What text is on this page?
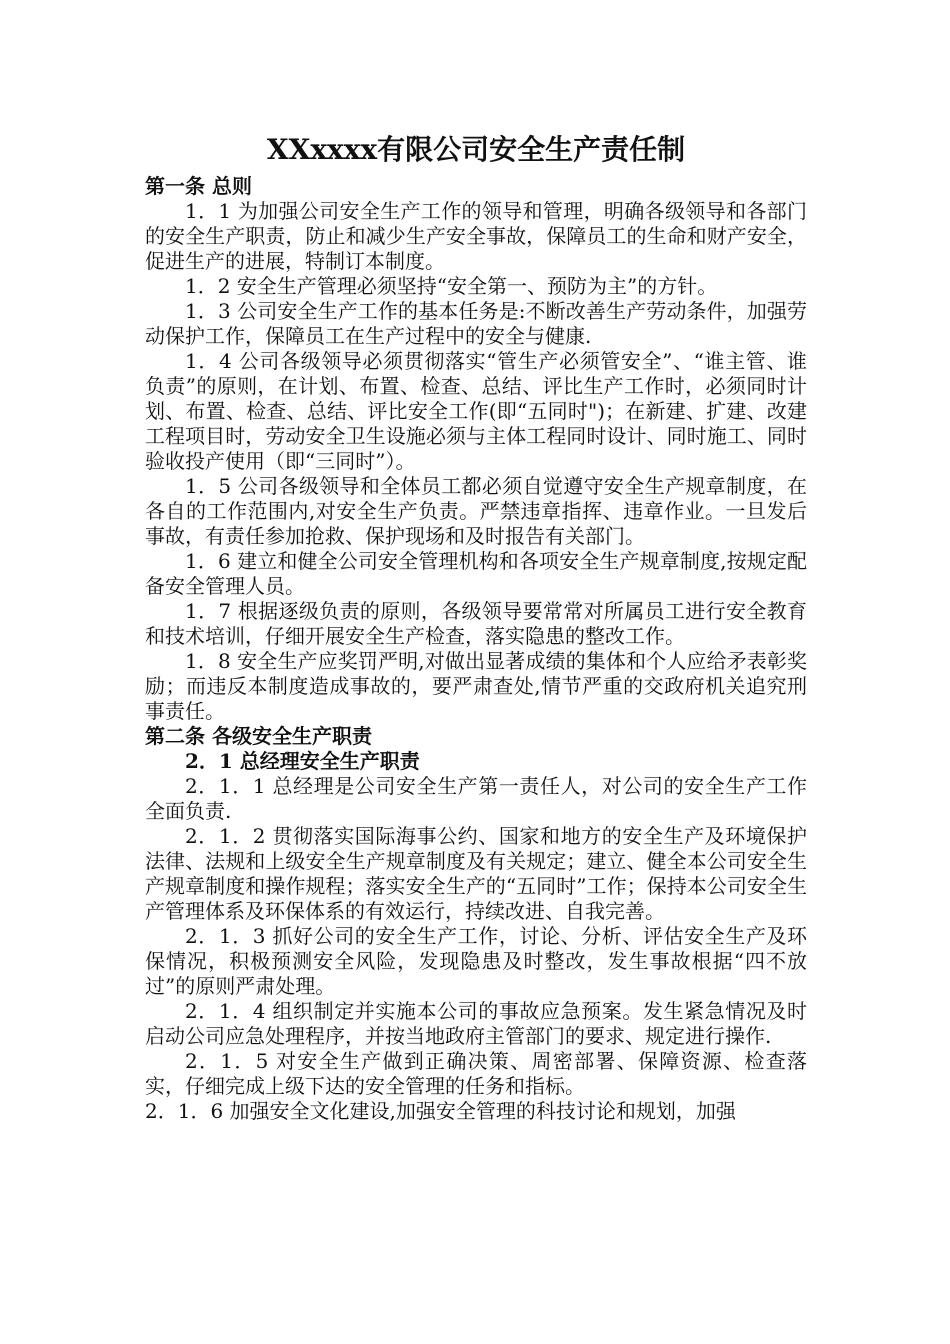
XXxxxx有限公司安全生产责任制

第一条 总则

1．1 为加强公司安全生产工作的领导和管理，明确各级领导和各部门的安全生产职责，防止和减少生产安全事故，保障员工的生命和财产安全，促进生产的进展，特制订本制度。

1．2 安全生产管理必须坚持“安全第一、预防为主”的方针。

1．3 公司安全生产工作的基本任务是:不断改善生产劳动条件，加强劳动保护工作，保障员工在生产过程中的安全与健康.

1．4 公司各级领导必须贯彻落实“管生产必须管安全”、“谁主管、谁负责”的原则，在计划、布置、检查、总结、评比生产工作时，必须同时计划、布置、检查、总结、评比安全工作(即“五同时")；在新建、扩建、改建工程项目时，劳动安全卫生设施必须与主体工程同时设计、同时施工、同时验收投产使用（即“三同时”）。

1．5 公司各级领导和全体员工都必须自觉遵守安全生产规章制度，在各自的工作范围内,对安全生产负责。严禁违章指挥、违章作业。一旦发后事故，有责任参加抢救、保护现场和及时报告有关部门。

1．6 建立和健全公司安全管理机构和各项安全生产规章制度,按规定配备安全管理人员。

1．7 根据逐级负责的原则，各级领导要常常对所属员工进行安全教育和技术培训，仔细开展安全生产检查，落实隐患的整改工作。

1．8 安全生产应奖罚严明,对做出显著成绩的集体和个人应给矛表彰奖励；而违反本制度造成事故的，要严肃查处,情节严重的交政府机关追究刑事责任。

第二条 各级安全生产职责

2．1 总经理安全生产职责

2．1．1 总经理是公司安全生产第一责任人，对公司的安全生产工作全面负责.

2．1．2 贯彻落实国际海事公约、国家和地方的安全生产及环境保护法律、法规和上级安全生产规章制度及有关规定；建立、健全本公司安全生产规章制度和操作规程；落实安全生产的“五同时”工作；保持本公司安全生产管理体系及环保体系的有效运行，持续改进、自我完善。

2．1．3 抓好公司的安全生产工作，讨论、分析、评估安全生产及环保情况，积极预测安全风险，发现隐患及时整改，发生事故根据“四不放过”的原则严肃处理。

2．1．4 组织制定并实施本公司的事故应急预案。发生紧急情况及时启动公司应急处理程序，并按当地政府主管部门的要求、规定进行操作.

2．1．5 对安全生产做到正确决策、周密部署、保障资源、检查落实，仔细完成上级下达的安全管理的任务和指标。

2．1．6 加强安全文化建设,加强安全管理的科技讨论和规划，加强
